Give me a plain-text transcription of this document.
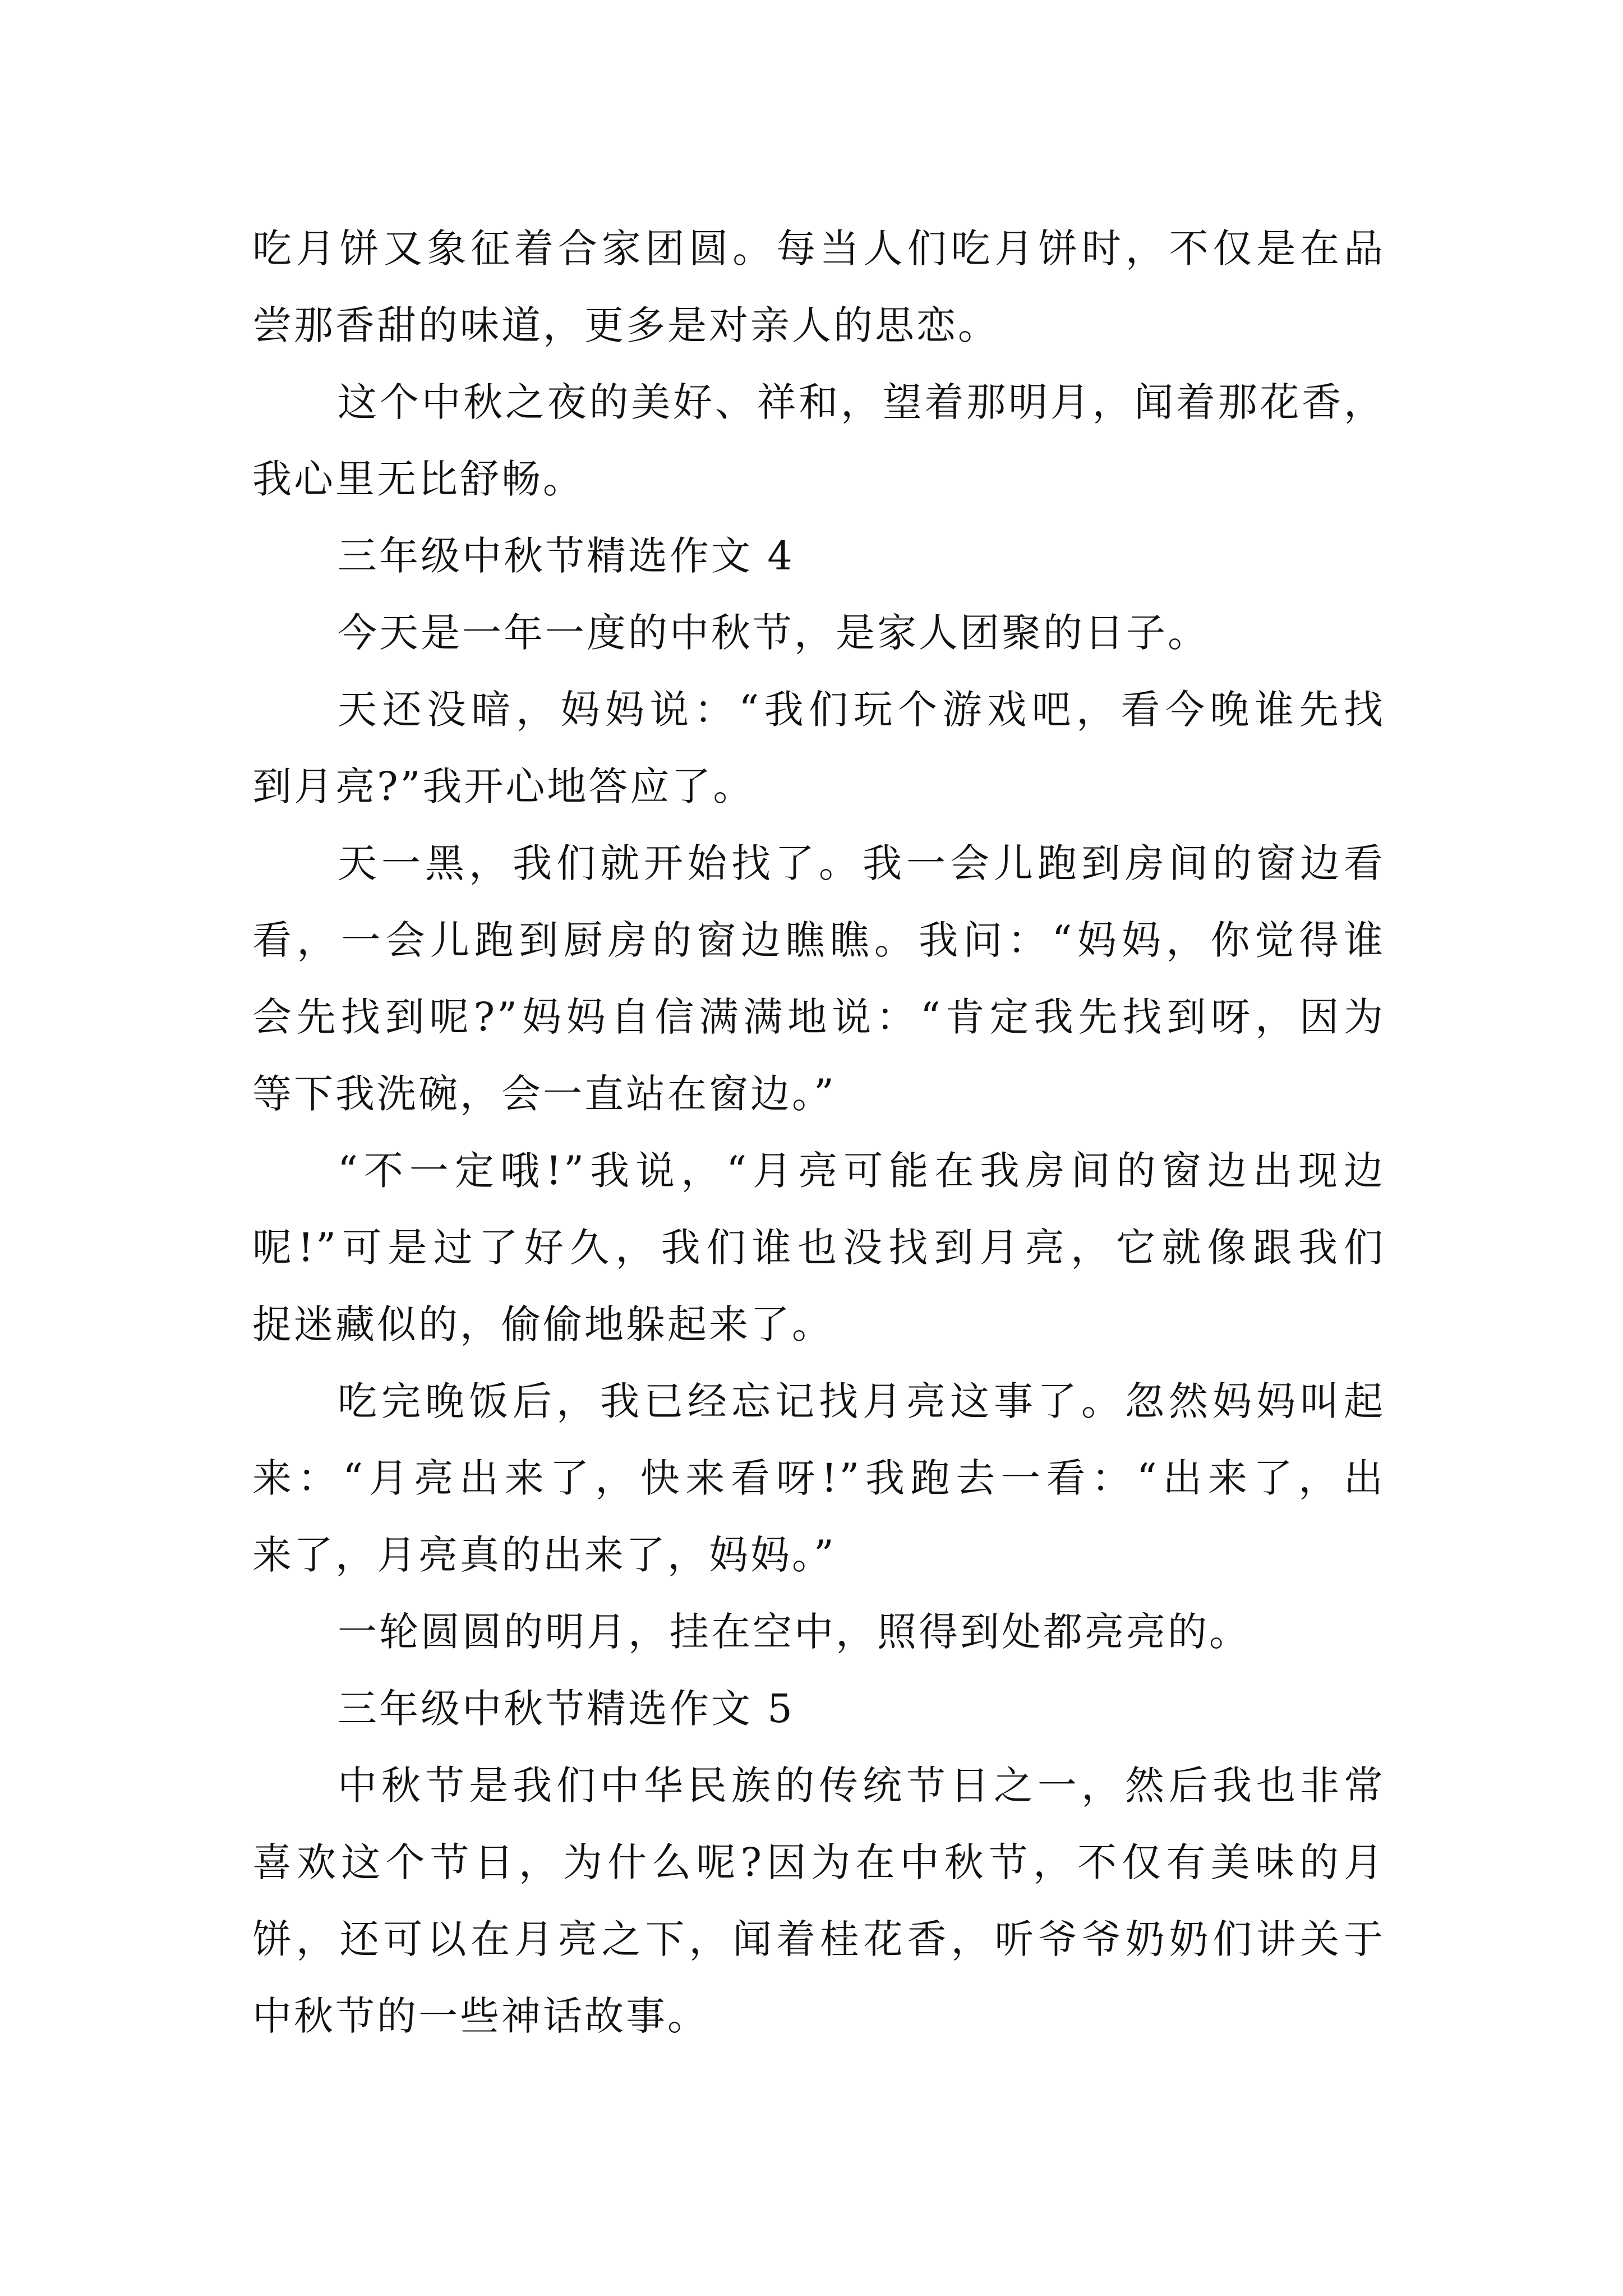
吃月饼又象征着合家团圆。每当人们吃月饼时，不仅是在品
尝那香甜的味道，更多是对亲人的思恋。
这个中秋之夜的美好、祥和，望着那明月，闻着那花香，
我心里无比舒畅。
三年级中秋节精选作文 4
今天是一年一度的中秋节，是家人团聚的日子。
天还没暗，妈妈说：“我们玩个游戏吧，看今晚谁先找
到月亮?”我开心地答应了。
天一黑，我们就开始找了。我一会儿跑到房间的窗边看
看，一会儿跑到厨房的窗边瞧瞧。我问：“妈妈，你觉得谁
会先找到呢?”妈妈自信满满地说：“肯定我先找到呀，因为
等下我洗碗，会一直站在窗边。”
“不一定哦!”我说，“月亮可能在我房间的窗边出现边
呢!”可是过了好久，我们谁也没找到月亮，它就像跟我们
捉迷藏似的，偷偷地躲起来了。
吃完晚饭后，我已经忘记找月亮这事了。忽然妈妈叫起
来：“月亮出来了，快来看呀!”我跑去一看：“出来了，出
来了，月亮真的出来了，妈妈。”
一轮圆圆的明月，挂在空中，照得到处都亮亮的。
三年级中秋节精选作文 5
中秋节是我们中华民族的传统节日之一，然后我也非常
喜欢这个节日，为什么呢?因为在中秋节，不仅有美味的月
饼，还可以在月亮之下，闻着桂花香，听爷爷奶奶们讲关于
中秋节的一些神话故事。
